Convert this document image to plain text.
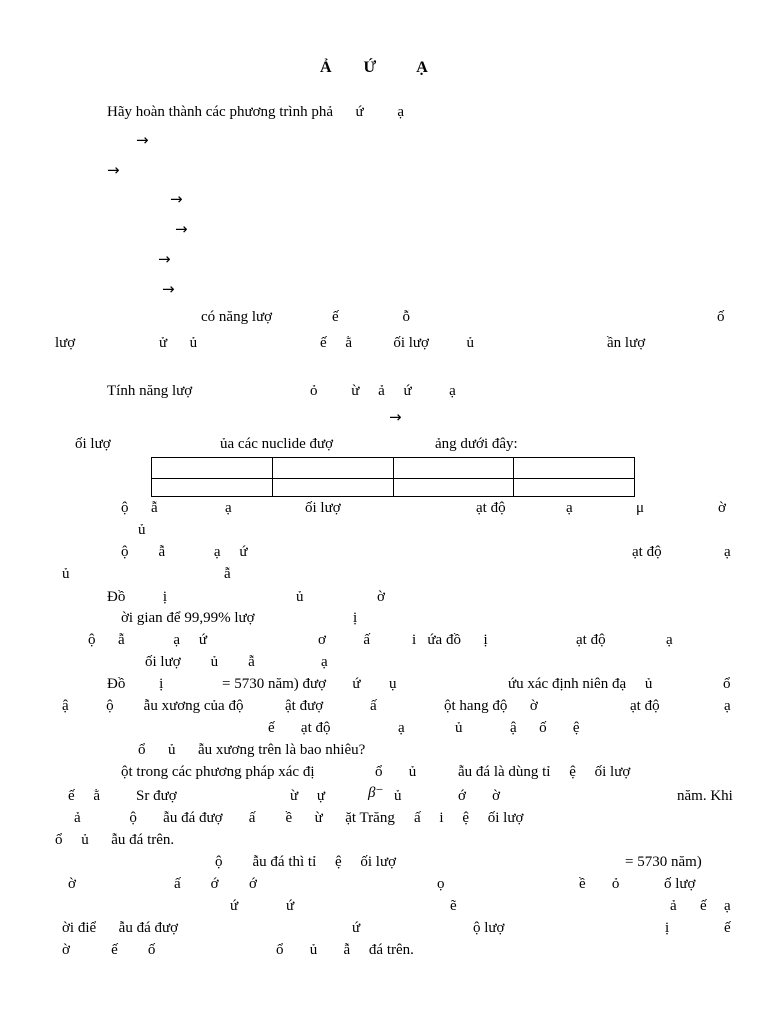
Ả        Ứ          Ạ
Hãy hoàn thành các phương trình phả      ứ         ạ
→
→
→
→
→
→
có năng lượ                ế                 ỗ	ố
lượ	ử      ủ	ế     ằ           ối lượ          ủ	ần lượ
Tính năng lượ	ỏ         ừ     ả     ứ          ạ
→
ối lượ	ủa các nuclide đượ	ảng dưới đây:

ộ ẫ	ạ	ối lượ	ạt độ	ạ	μ	ờ
ủ
ộ        ẫ             ạ     ứ	ạt độ	ạ
ủ	ẫ
Đồ          ị	ủ	ờ
ời gian để 99,99% lượ	ị
ộ      ẫ             ạ     ứ	ơ          ấ	i   ứa đồ      ị	ạt độ	ạ
ối lượ        ủ        ẫ	ạ
Đồ         ị	= 5730 năm) đượ       ứ ụ	ứu xác định niên đạ     ủ	ổ
ậ          ộ        ẫu xương của độ	ật đượ	ấ	ột hang độ      ờ	ạt độ	ạ
ế       ạt độ	ạ	ủ	ậ      ố       ệ
ổ      ủ      ẫu xương trên là bao nhiêu?
ột trong các phương pháp xác đị	ổ       ủ	ẫu đá là dùng tỉ     ệ     ối lượ
ế     ằ Sr đượ	ừ     ự	β⁻ ủ	ớ       ờ	năm. Khi
ả             ộ       ẫu đá đượ       ấ        ề      ừ      ặt Trăng ấ     i     ệ     ối lượ
ổ     ủ      ẫu đá trên.
ộ        ẫu đá thì tỉ     ệ     ối lượ	= 5730 năm)
ờ	ấ        ớ ớ	ọ	ề       ỏ	ố lượ
ứ	ứ	ẽ	ả ế ạ
ời điể      ẫu đá đượ	ứ	ộ lượ	ị	ế
ờ           ế        ố	ổ       ủ       ẫ     đá trên.
